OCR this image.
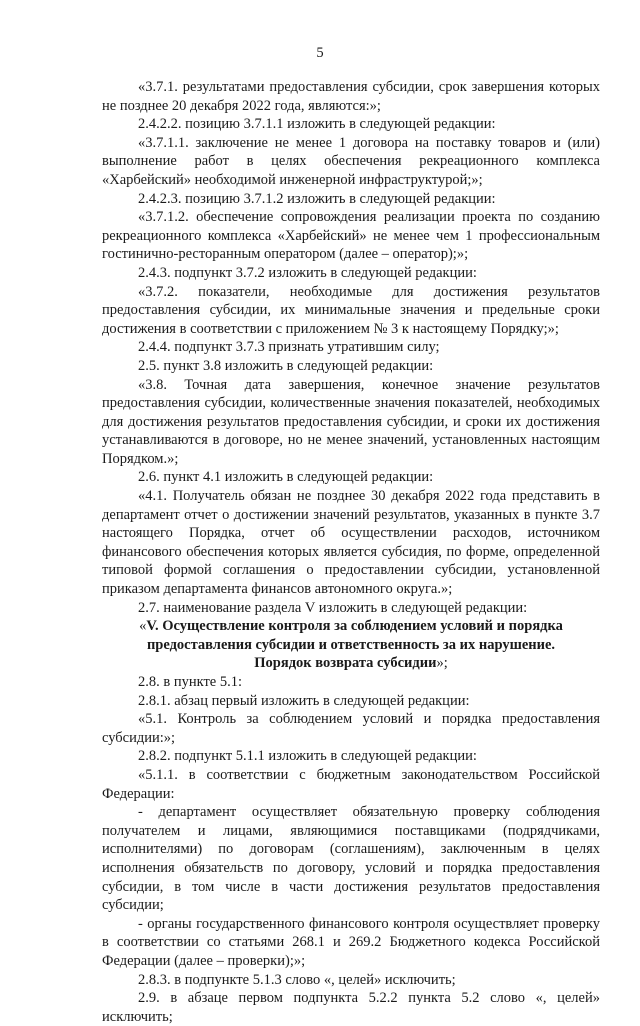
5

«3.7.1. результатами предоставления субсидии, срок завершения которых не позднее 20 декабря 2022 года, являются:»;

2.4.2.2. позицию 3.7.1.1 изложить в следующей редакции:

«3.7.1.1. заключение не менее 1 договора на поставку товаров и (или) выполнение работ в целях обеспечения рекреационного комплекса «Харбейский» необходимой инженерной инфраструктурой;»;

2.4.2.3. позицию 3.7.1.2 изложить в следующей редакции:

«3.7.1.2. обеспечение сопровождения реализации проекта по созданию рекреационного комплекса «Харбейский» не менее чем 1 профессиональным гостинично-ресторанным оператором (далее – оператор);»;

2.4.3. подпункт 3.7.2 изложить в следующей редакции:

«3.7.2. показатели, необходимые для достижения результатов предоставления субсидии, их минимальные значения и предельные сроки достижения в соответствии с приложением № 3 к настоящему Порядку;»;

2.4.4. подпункт 3.7.3 признать утратившим силу;

2.5. пункт 3.8 изложить в следующей редакции:

«3.8. Точная дата завершения, конечное значение результатов предоставления субсидии, количественные значения показателей, необходимых для достижения результатов предоставления субсидии, и сроки их достижения устанавливаются в договоре, но не менее значений, установленных настоящим Порядком.»;

2.6. пункт 4.1 изложить в следующей редакции:

«4.1. Получатель обязан не позднее 30 декабря 2022 года представить в департамент отчет о достижении значений результатов, указанных в пункте 3.7 настоящего Порядка, отчет об осуществлении расходов, источником финансового обеспечения которых является субсидия, по форме, определенной типовой формой соглашения о предоставлении субсидии, установленной приказом департамента финансов автономного округа.»;

2.7. наименование раздела V изложить в следующей редакции:

«V. Осуществление контроля за соблюдением условий и порядка

предоставления субсидии и ответственность за их нарушение.

Порядок возврата субсидии»;

2.8. в пункте 5.1:

2.8.1. абзац первый изложить в следующей редакции:

«5.1. Контроль за соблюдением условий и порядка предоставления субсидии:»;

2.8.2. подпункт 5.1.1 изложить в следующей редакции:

«5.1.1. в соответствии с бюджетным законодательством Российской Федерации:

- департамент осуществляет обязательную проверку соблюдения получателем и лицами, являющимися поставщиками (подрядчиками, исполнителями) по договорам (соглашениям), заключенным в целях исполнения обязательств по договору, условий и порядка предоставления субсидии, в том числе в части достижения результатов предоставления субсидии;

- органы государственного финансового контроля осуществляет проверку в соответствии со статьями 268.1 и 269.2 Бюджетного кодекса Российской Федерации (далее – проверки);»;

2.8.3. в подпункте 5.1.3 слово «, целей» исключить;

2.9. в абзаце первом подпункта 5.2.2 пункта 5.2 слово «, целей» исключить;
